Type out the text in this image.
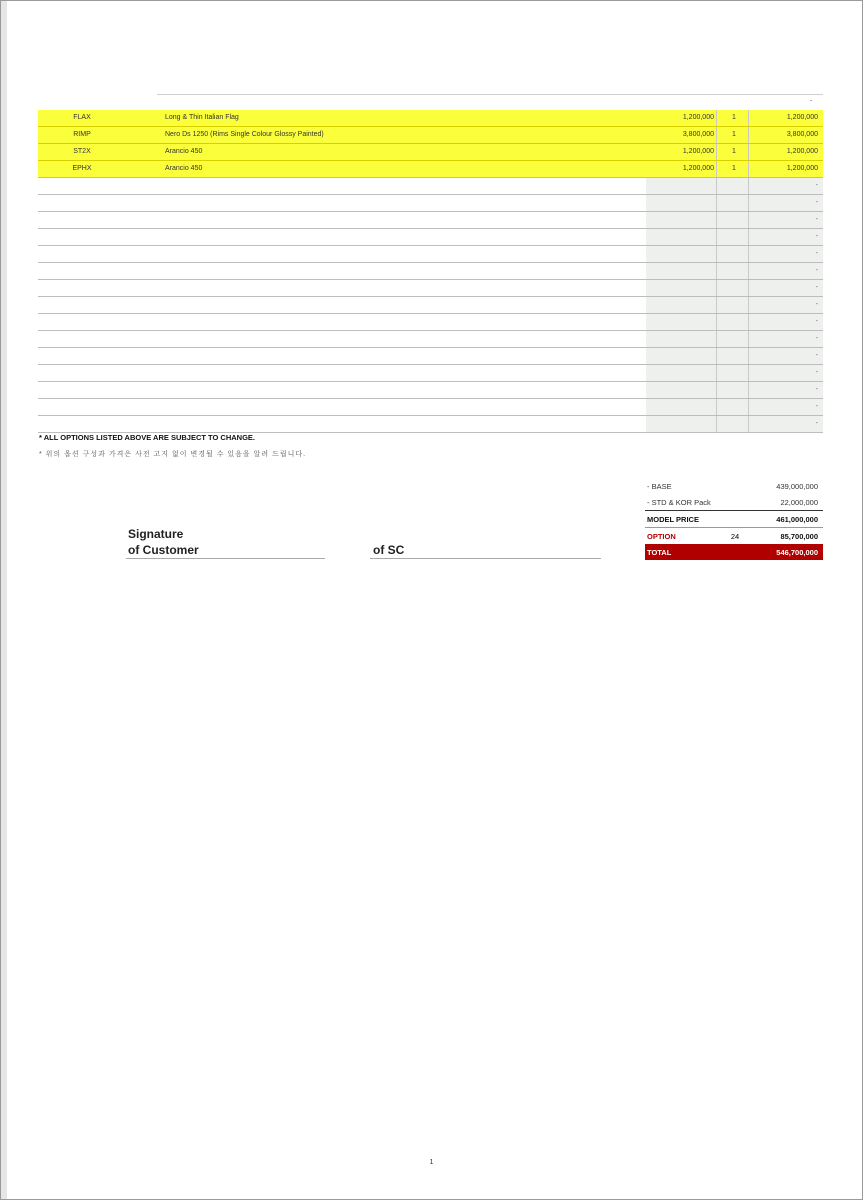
-
FLAX	Long & Thin Italian Flag	1,200,000	1	1,200,000
RIMP	Nero Ds 1250 (Rims Single Colour Glossy Painted)	3,800,000	1	3,800,000
ST2X	Arancio 450	1,200,000	1	1,200,000
EPHX	Arancio 450	1,200,000	1	1,200,000
-
-
-
-
-
-
-
-
-
-
-
-
-
-
-
* ALL OPTIONS LISTED ABOVE ARE SUBJECT TO CHANGE.
* 위의 옵션 구성과 가격은 사전 고지 없이 변경될 수 있음을 알려 드립니다.
Signature
of Customer	of SC
- BASE	439,000,000
- STD & KOR Pack	22,000,000
MODEL PRICE	461,000,000
OPTION	24	85,700,000
TOTAL	546,700,000
1
